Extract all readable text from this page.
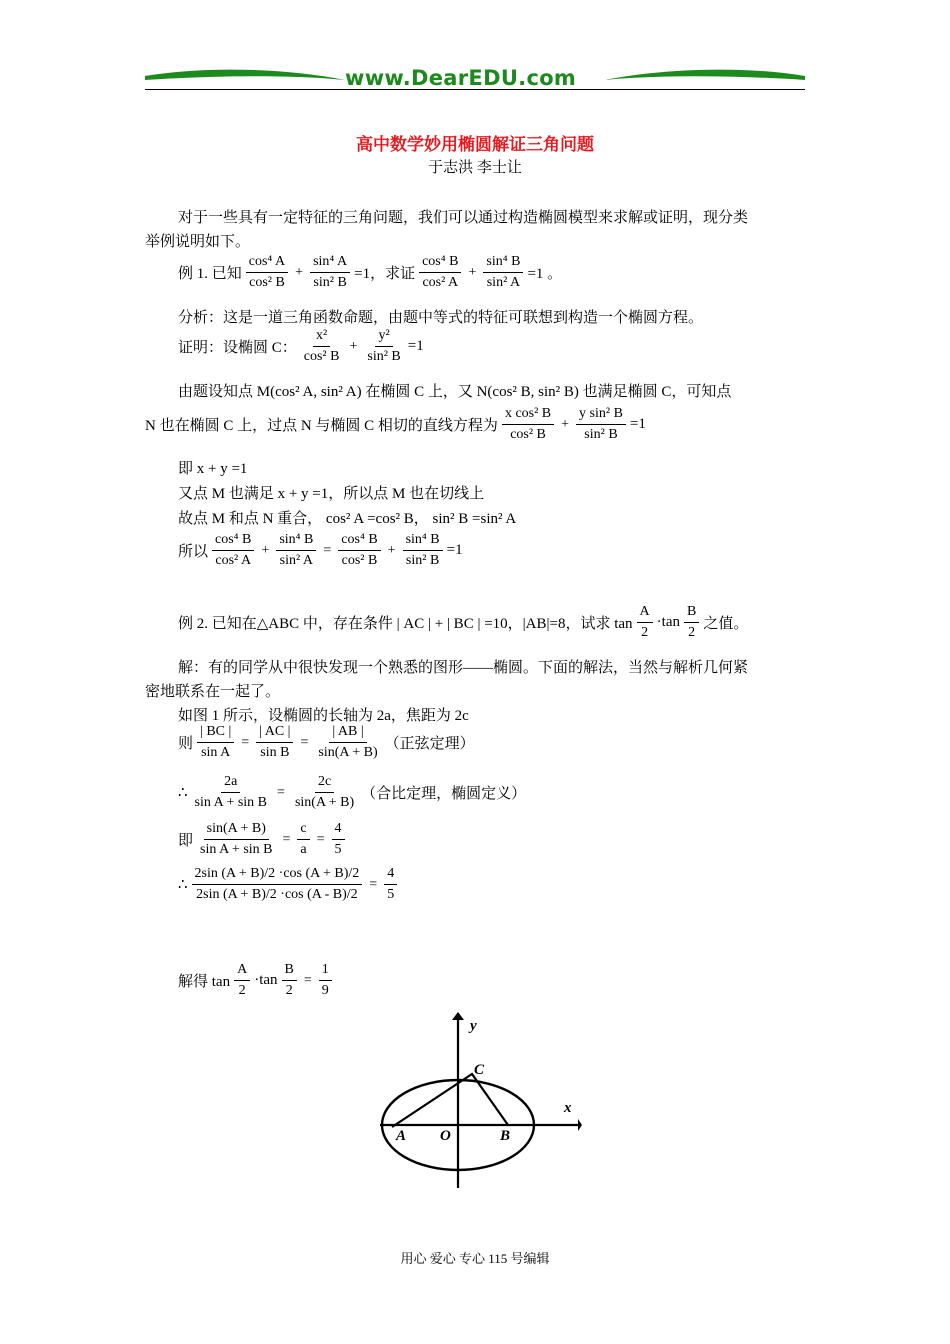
www.DearEDU.com
高中数学妙用椭圆解证三角问题
于志洪 李士让
对于一些具有一定特征的三角问题，我们可以通过构造椭圆模型来求解或证明，现分类
举例说明如下。
例 1. 已知 $\frac{\text{cos⁴ A}}{\text{cos² B}} + \frac{\text{sin⁴ A}}{\text{sin² B}} =1$，求证 $\frac{\text{cos⁴ B}}{\text{cos² A}} + \frac{\text{sin⁴ B}}{\text{sin² A}} =1$ 。
分析：这是一道三角函数命题，由题中等式的特征可联想到构造一个椭圆方程。
证明：设椭圆 C： $\frac{\text{x²}}{\text{cos² B}} + \frac{\text{y²}}{\text{sin² B}} =1$
由题设知点 M(cos² A, sin² A) 在椭圆 C 上，又 N(cos² B, sin² B) 也满足椭圆 C，可知点
N 也在椭圆 C 上，过点 N 与椭圆 C 相切的直线方程为 $\frac{\text{x cos² B}}{\text{cos² B}} + \frac{\text{y sin² B}}{\text{sin² B}} =1$
即 x + y =1
又点 M 也满足 x + y =1，所以点 M 也在切线上
故点 M 和点 N 重合， cos² A =cos² B， sin² B =sin² A
所以 $\frac{\text{cos⁴ B}}{\text{cos² A}} + \frac{\text{sin⁴ B}}{\text{sin² A}} = \frac{\text{cos⁴ B}}{\text{cos² B}} + \frac{\text{sin⁴ B}}{\text{sin² B}} =1$
例 2. 已知在△ABC 中，存在条件 | AC | + | BC | =10，|AB|=8，试求 $\tan \frac{A}{2} \cdot\tan \frac{B}{2}$ 之值。
解：有的同学从中很快发现一个熟悉的图形——椭圆。下面的解法，当然与解析几何紧
密地联系在一起了。
如图 1 所示，设椭圆的长轴为 2a，焦距为 2c
则 $\frac{| BC |}{\text{sin A}} = \frac{| AC |}{\text{sin B}} = \frac{| AB |}{\sin(A + B)}$ （正弦定理）
∴ $\frac{2a}{\text{sin A + sin B}} = \frac{2c}{\sin(A + B)}$ （合比定理，椭圆定义）
即 $\frac{\sin(A + B)}{\text{sin A + sin B}} = \frac{c}{a} = \frac{4}{5}$
∴ $\frac{2\sin (A + B)/2 \cdot\cos (A + B)/2}{2\sin (A + B)/2 \cdot\cos (A - B)/2} = \frac{4}{5}$
解得 $\tan \frac{A}{2} \cdot\tan \frac{B}{2} = \frac{1}{9}$
y
x
A O	B
C
用心 爱心 专心 115 号编辑
